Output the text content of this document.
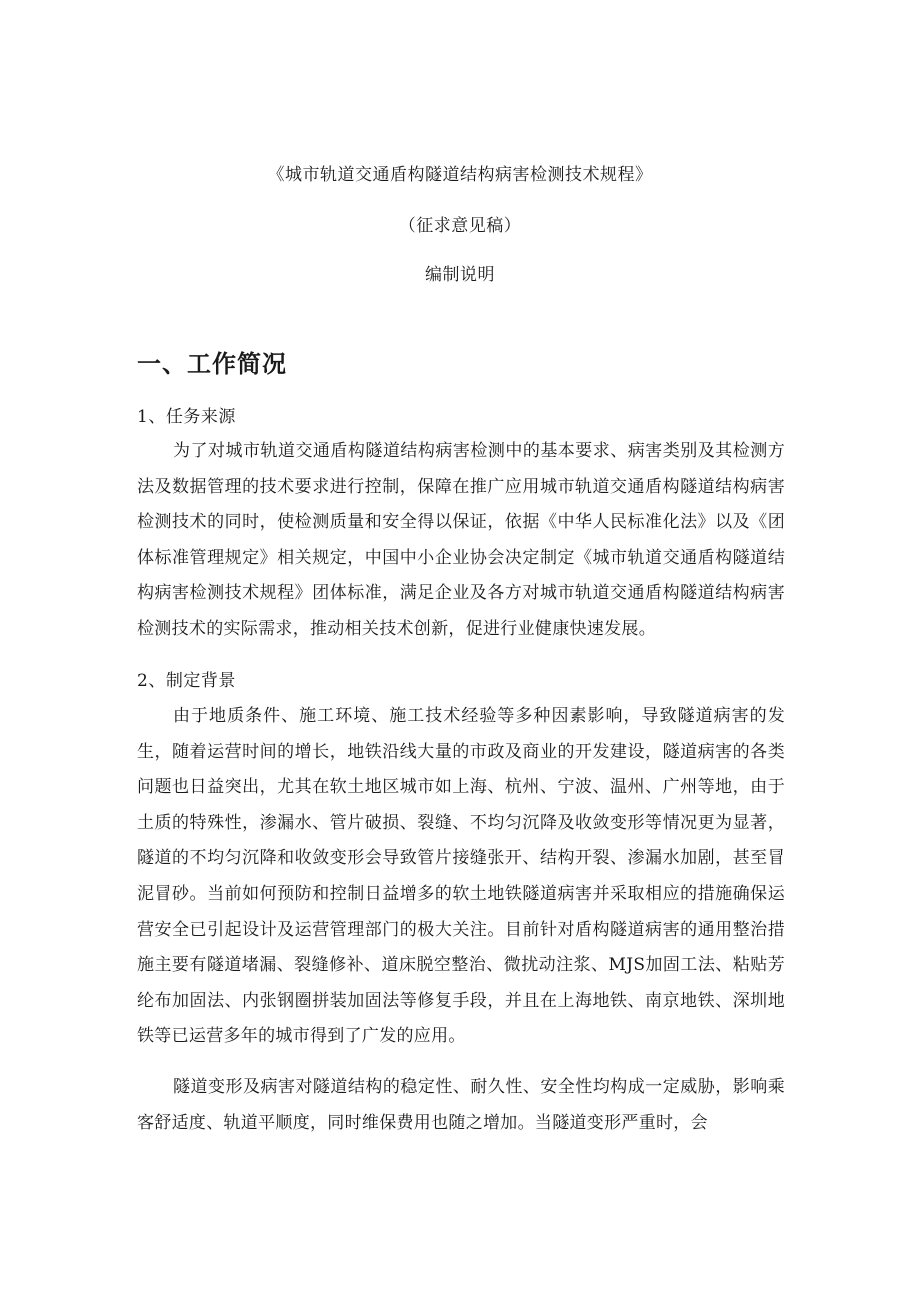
《城市轨道交通盾构隧道结构病害检测技术规程》
（征求意见稿）
编制说明
一、工作简况
1、任务来源

为了对城市轨道交通盾构隧道结构病害检测中的基本要求、病害类别及其检测方法及数据管理的技术要求进行控制，保障在推广应用城市轨道交通盾构隧道结构病害检测技术的同时，使检测质量和安全得以保证，依据《中华人民标准化法》以及《团体标准管理规定》相关规定，中国中小企业协会决定制定《城市轨道交通盾构隧道结构病害检测技术规程》团体标准，满足企业及各方对城市轨道交通盾构隧道结构病害检测技术的实际需求，推动相关技术创新，促进行业健康快速发展。

2、制定背景

由于地质条件、施工环境、施工技术经验等多种因素影响，导致隧道病害的发生，随着运营时间的增长，地铁沿线大量的市政及商业的开发建设，隧道病害的各类问题也日益突出，尤其在软土地区城市如上海、杭州、宁波、温州、广州等地，由于土质的特殊性，渗漏水、管片破损、裂缝、不均匀沉降及收敛变形等情况更为显著，隧道的不均匀沉降和收敛变形会导致管片接缝张开、结构开裂、渗漏水加剧，甚至冒泥冒砂。当前如何预防和控制日益增多的软土地铁隧道病害并采取相应的措施确保运营安全已引起设计及运营管理部门的极大关注。目前针对盾构隧道病害的通用整治措施主要有隧道堵漏、裂缝修补、道床脱空整治、微扰动注浆、MJS加固工法、粘贴芳纶布加固法、内张钢圈拼装加固法等修复手段，并且在上海地铁、南京地铁、深圳地铁等已运营多年的城市得到了广发的应用。

隧道变形及病害对隧道结构的稳定性、耐久性、安全性均构成一定威胁，影响乘客舒适度、轨道平顺度，同时维保费用也随之增加。当隧道变形严重时，会
